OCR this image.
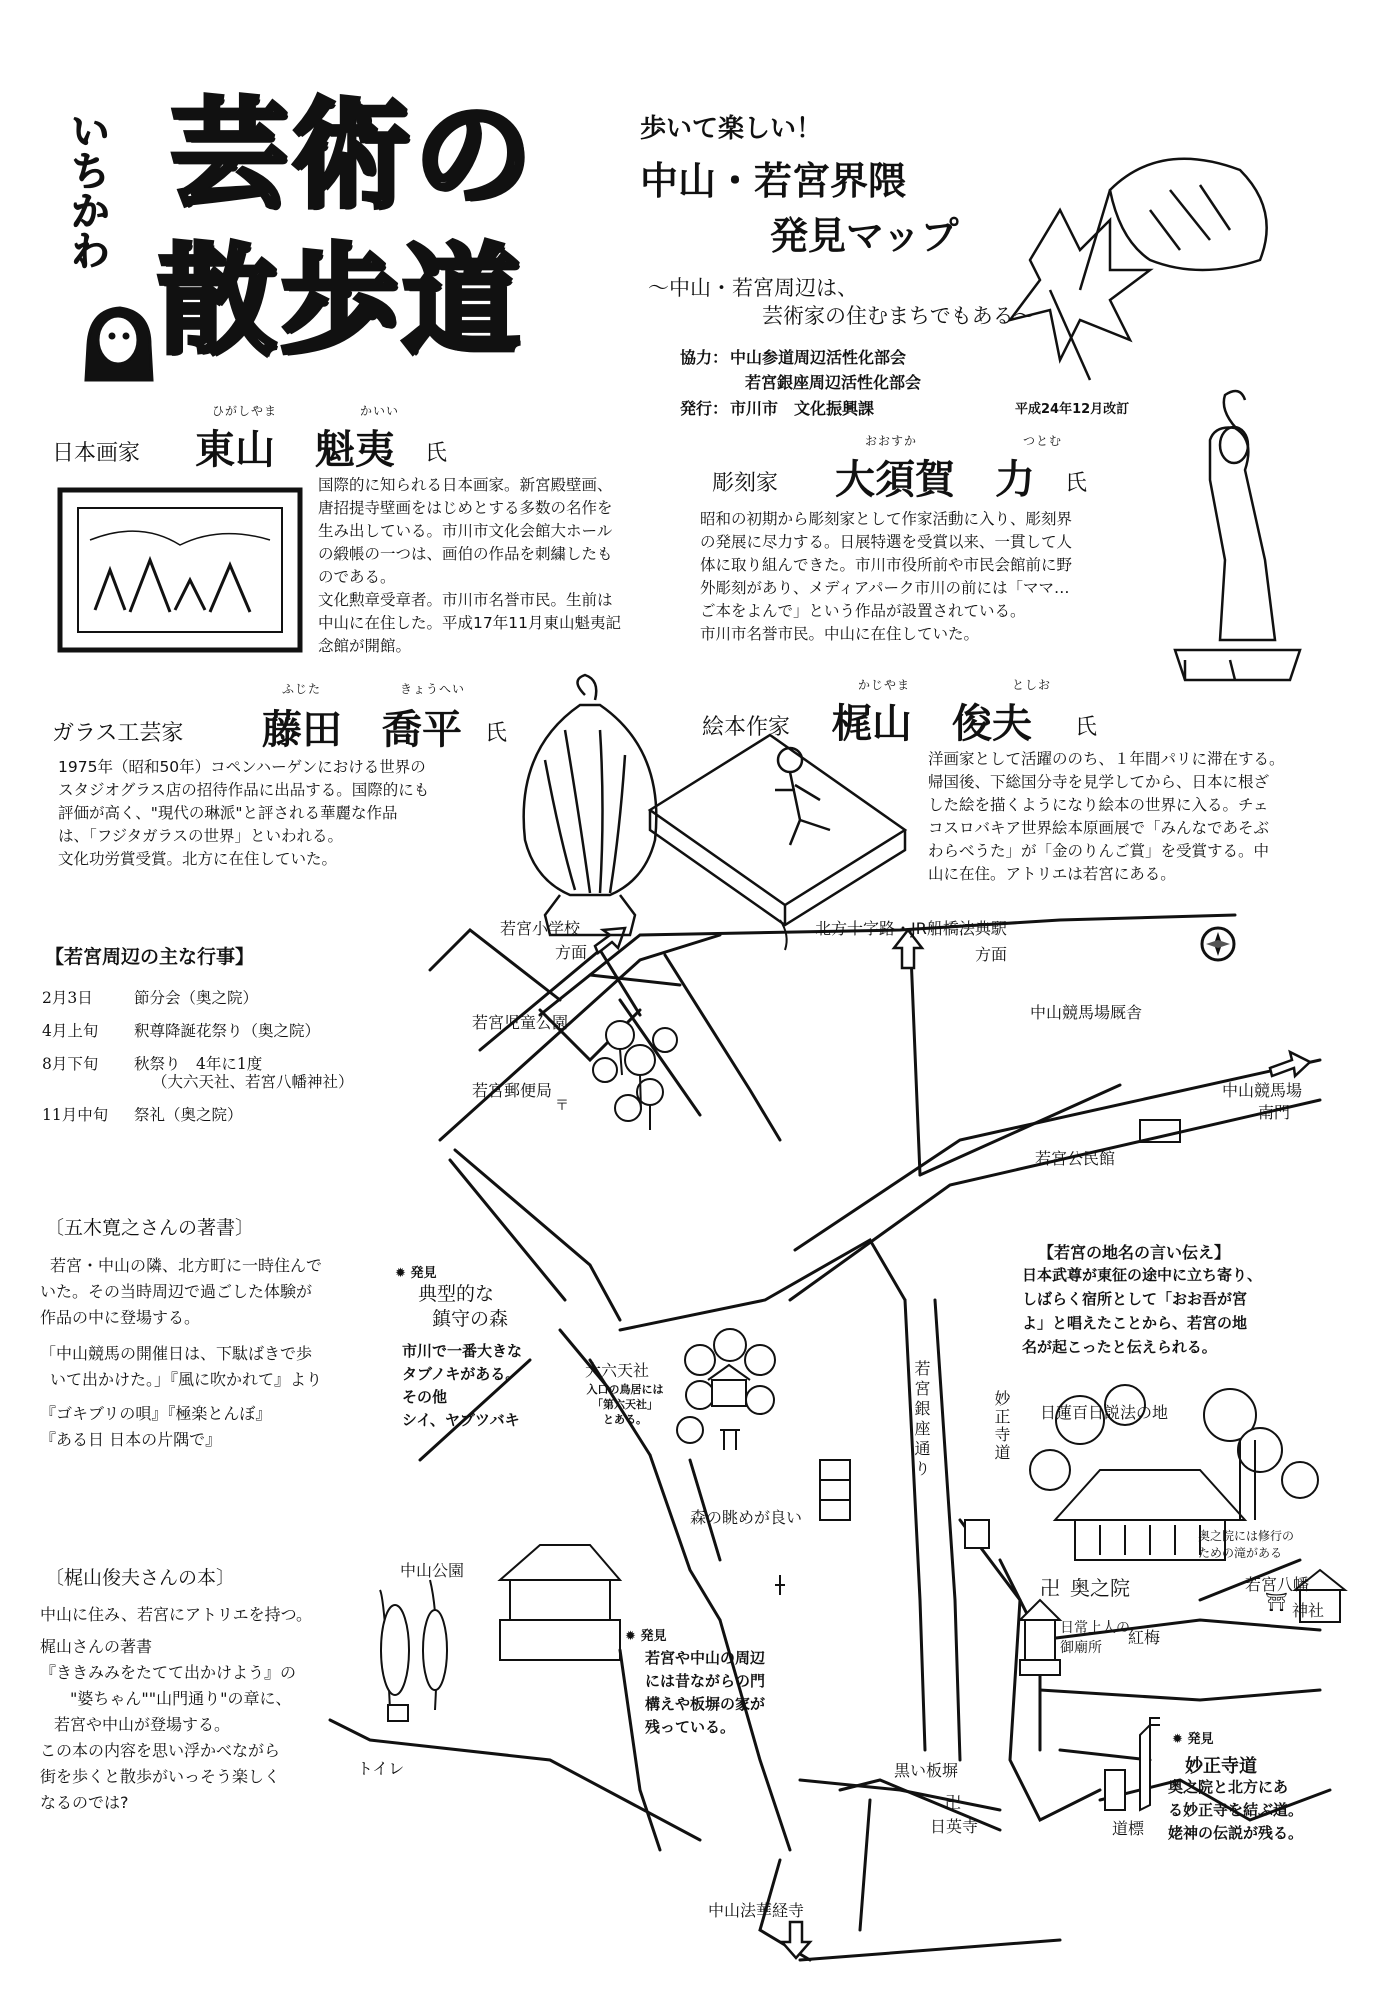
いちかわ 芸術の
散歩道
歩いて楽しい！
中山・若宮界隈
発見マップ
～中山・若宮周辺は、
芸術家の住むまちでもある～
協力： 中山参道周辺活性化部会
若宮銀座周辺活性化部会
発行： 市川市　文化振興課	平成24年12月改訂
ひがしやま	かいい
日本画家 東山　魁夷 氏
国際的に知られる日本画家。新宮殿壁画、
唐招提寺壁画をはじめとする多数の名作を
生み出している。市川市文化会館大ホール
の緞帳の一つは、画伯の作品を刺繍したも
のである。
文化勲章受章者。市川市名誉市民。生前は
中山に在住した。平成17年11月東山魁夷記
念館が開館。
おおすか	つとむ
彫刻家 大須賀　力 氏
昭和の初期から彫刻家として作家活動に入り、彫刻界
の発展に尽力する。日展特選を受賞以来、一貫して人
体に取り組んできた。市川市役所前や市民会館前に野
外彫刻があり、メディアパーク市川の前には「ママ…
ご本をよんで」という作品が設置されている。
市川市名誉市民。中山に在住していた。
ふじた	きょうへい
ガラス工芸家 藤田　喬平 氏
1975年（昭和50年）コペンハーゲンにおける世界の
スタジオグラス店の招待作品に出品する。国際的にも
評価が高く、"現代の琳派"と評される華麗な作品
は、「フジタガラスの世界」といわれる。
文化功労賞受賞。北方に在住していた。
かじやま	としお
絵本作家 梶山　俊夫 氏
洋画家として活躍ののち、１年間パリに滞在する。
帰国後、下総国分寺を見学してから、日本に根ざ
した絵を描くようになり絵本の世界に入る。チェ
コスロバキア世界絵本原画展で「みんなであそぶ
わらべうた」が「金のりんご賞」を受賞する。中
山に在住。アトリエは若宮にある。
【若宮周辺の主な行事】
2月3日	節分会（奥之院）
4月上旬 釈尊降誕花祭り（奥之院）
8月下旬 秋祭り　4年に1度
（大六天社、若宮八幡神社）
11月中旬 祭礼（奥之院）
〔五木寛之さんの著書〕
若宮・中山の隣、北方町に一時住んで
いた。その当時周辺で過ごした体験が
作品の中に登場する。
「中山競馬の開催日は、下駄ばきで歩
いて出かけた。」『風に吹かれて』より
『ゴキブリの唄』『極楽とんぼ』
『ある日 日本の片隅で』
〔梶山俊夫さんの本〕
中山に住み、若宮にアトリエを持つ。
梶山さんの著書
『ききみみをたてて出かけよう』の
"婆ちゃん""山門通り"の章に、
若宮や中山が登場する。
この本の内容を思い浮かべながら
街を歩くと散歩がいっそう楽しく
なるのでは?
【若宮の地名の言い伝え】
日本武尊が東征の途中に立ち寄り、
しばらく宿所として「おお吾が宮
よ」と唱えたことから、若宮の地
名が起こったと伝えられる。
若宮小学校
方面
北方十字路・JR船橋法典駅
方面
若宮児童公園
若宮郵便局
〒
中山競馬場厩舎
中山競馬場
南門
若宮公民館
若宮銀座通り	妙正寺道 日蓮百日説法の地
奥之院には修行の
ための滝がある
卍 奥之院	若宮八幡
⛩ 神社
紅梅
日常上人の
御廟所
森の眺めが良い
大六天社
入口の鳥居には
「第六天社」
とある。
中山公園
トイレ	黒い板塀
卍
日英寺
中山法華経寺
道標
✹ 発見
典型的な
鎮守の森
市川で一番大きな
タブノキがある。
その他
シイ、ヤブツバキ
✹ 発見
若宮や中山の周辺
には昔ながらの門
構えや板塀の家が
残っている。
✹ 発見
妙正寺道
奥之院と北方にあ
る妙正寺を結ぶ道。
姥神の伝説が残る。
